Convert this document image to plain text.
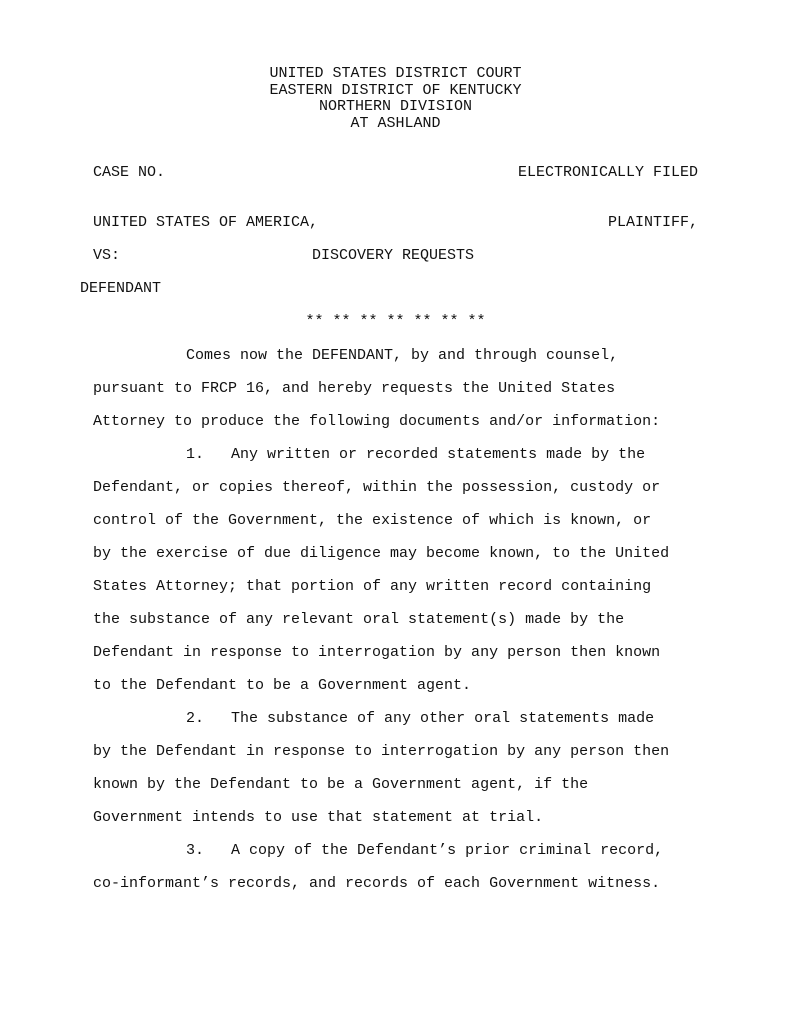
UNITED STATES DISTRICT COURT
EASTERN DISTRICT OF KENTUCKY
NORTHERN DIVISION
AT ASHLAND
CASE NO.	ELECTRONICALLY FILED
UNITED STATES OF AMERICA,	PLAINTIFF,
VS:	DISCOVERY REQUESTS
DEFENDANT
** ** ** ** ** ** **
Comes now the DEFENDANT, by and through counsel,
pursuant to FRCP 16, and hereby requests the United States
Attorney to produce the following documents and/or information:
1. Any written or recorded statements made by the
Defendant, or copies thereof, within the possession, custody or
control of the Government, the existence of which is known, or
by the exercise of due diligence may become known, to the United
States Attorney; that portion of any written record containing
the substance of any relevant oral statement(s) made by the
Defendant in response to interrogation by any person then known
to the Defendant to be a Government agent.
2. The substance of any other oral statements made
by the Defendant in response to interrogation by any person then
known by the Defendant to be a Government agent, if the
Government intends to use that statement at trial.
3. A copy of the Defendant’s prior criminal record,
co-informant’s records, and records of each Government witness.
